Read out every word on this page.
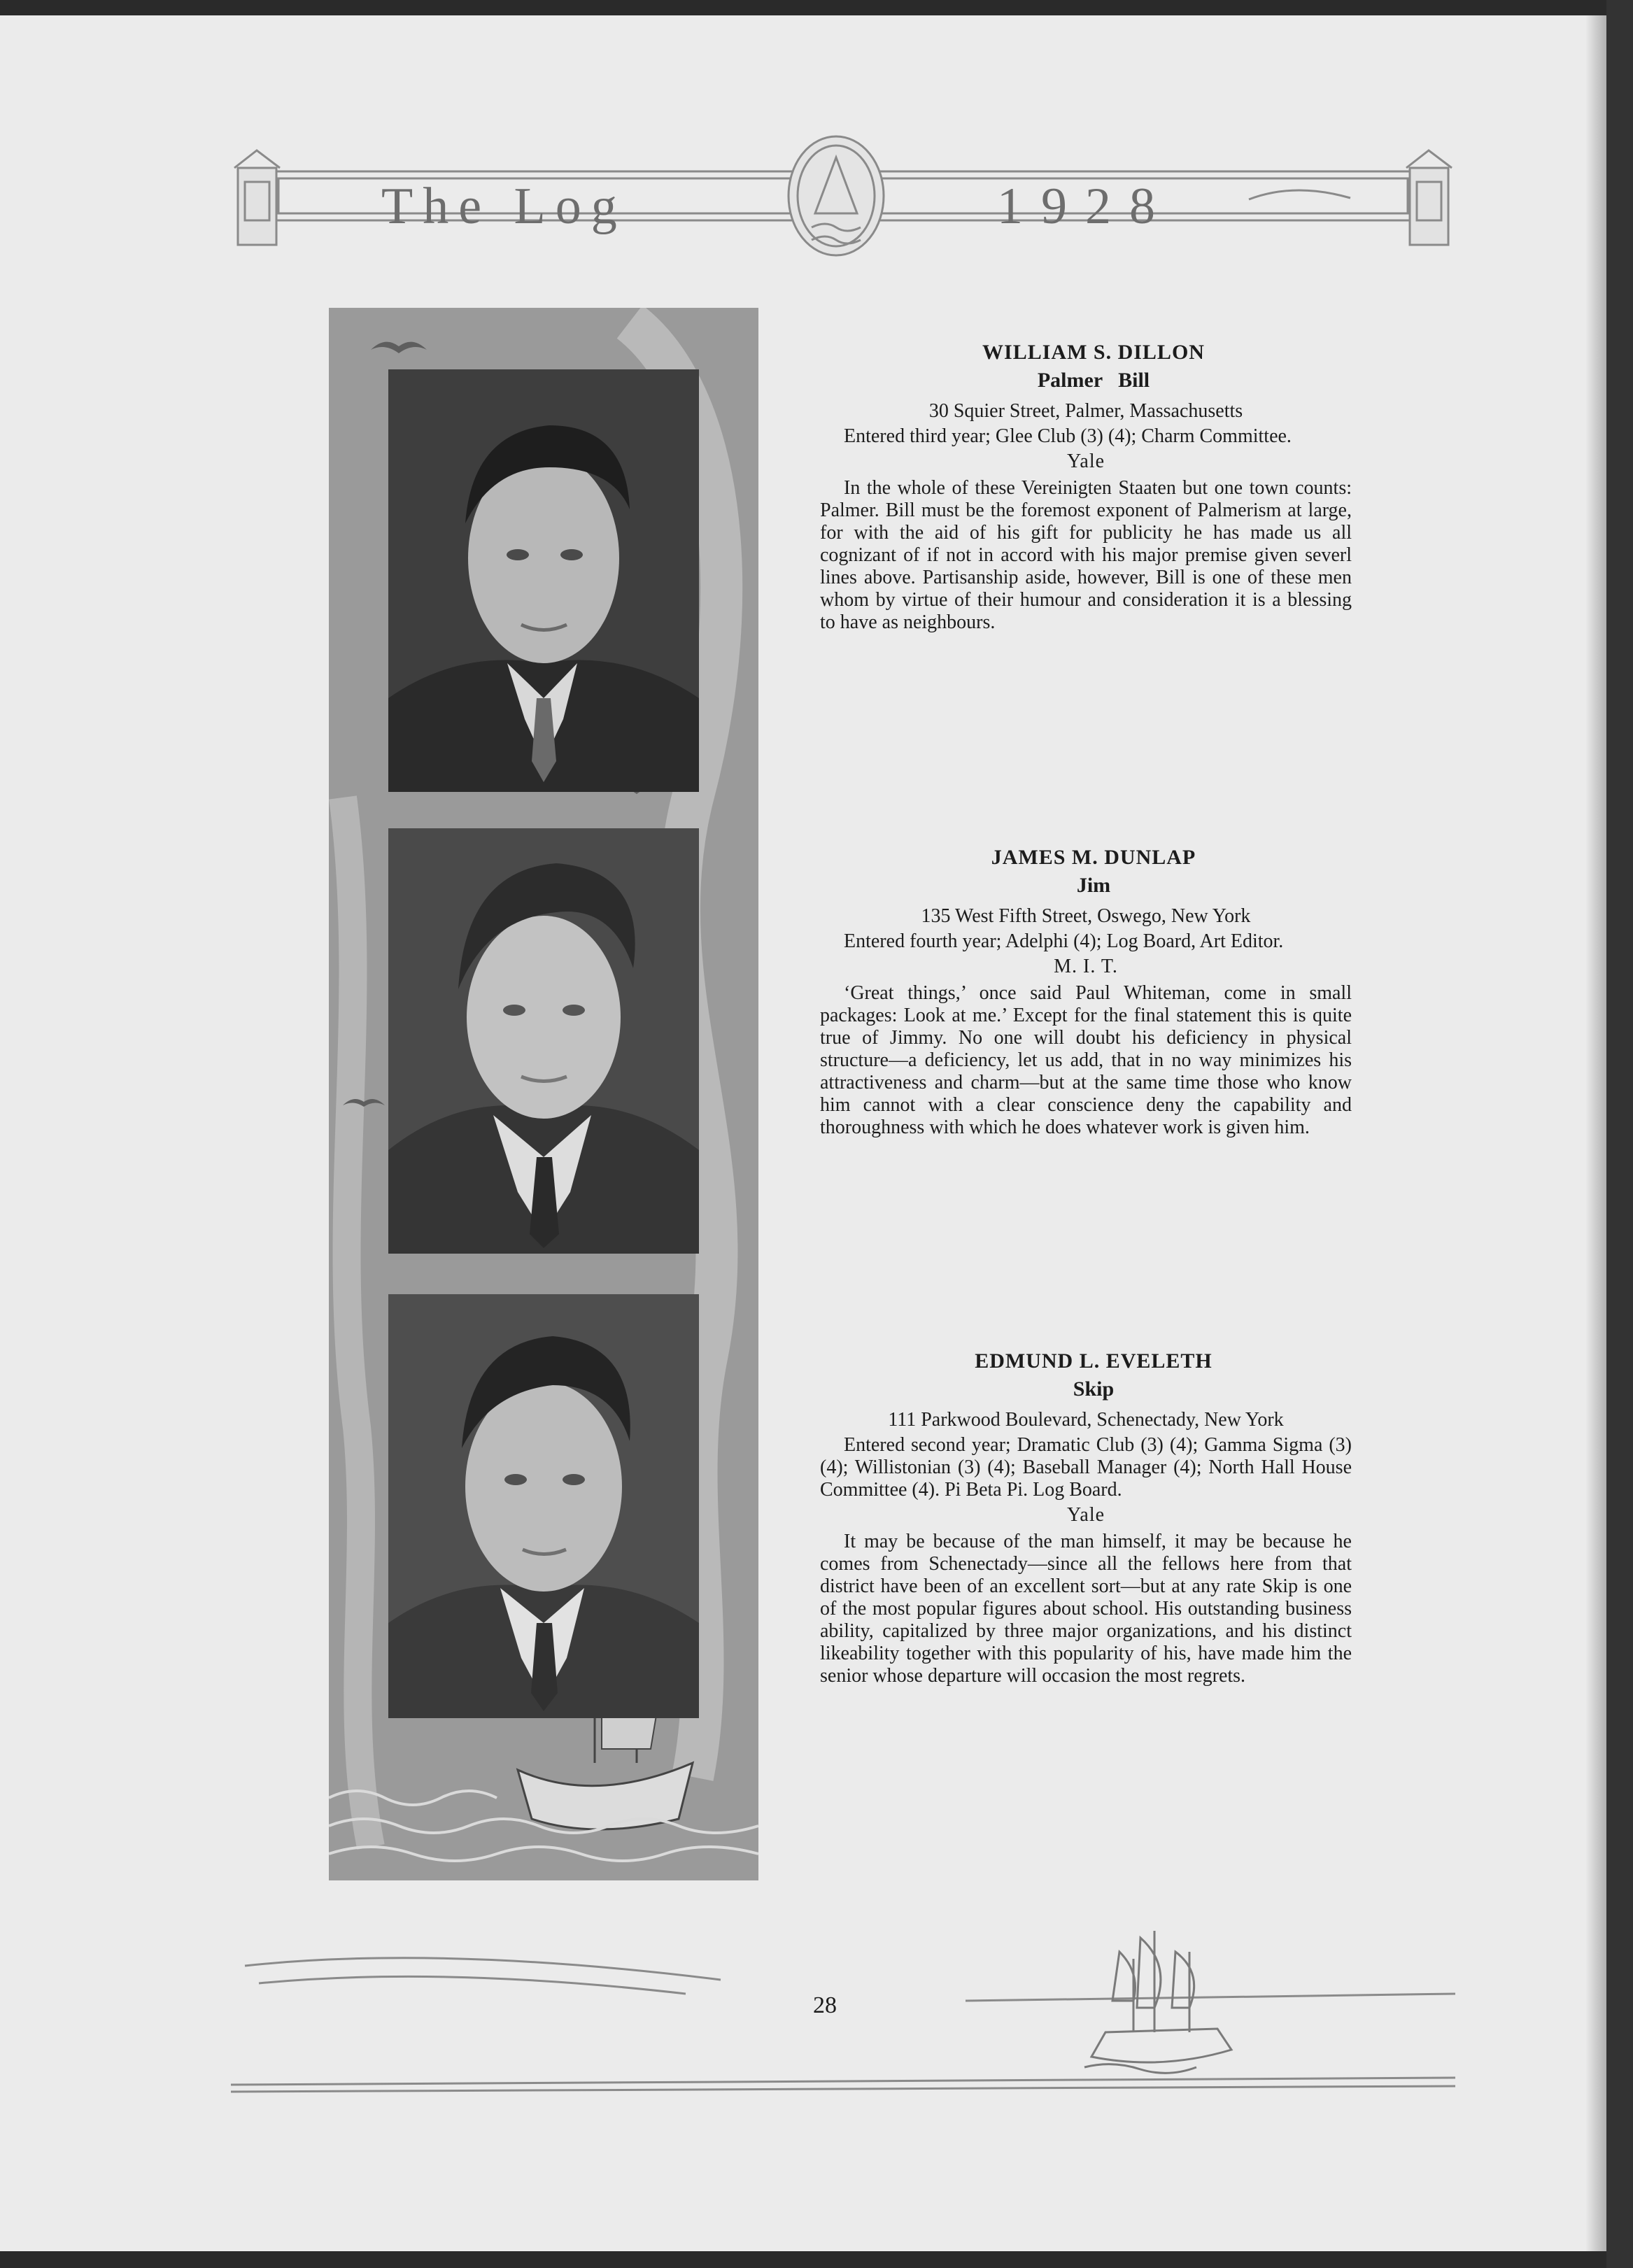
The Log	1928
WILLIAM S. DILLON
Palmer   Bill
30 Squier Street, Palmer, Massachusetts
Entered third year; Glee Club (3) (4); Charm Committee.
Yale
In the whole of these Vereinigten Staaten but one town counts: Palmer. Bill must be the foremost exponent of Palmerism at large, for with the aid of his gift for publicity he has made us all cognizant of if not in accord with his major premise given severl lines above. Partisanship aside, however, Bill is one of these men whom by virtue of their humour and consideration it is a blessing to have as neighbours.
JAMES M. DUNLAP
Jim
135 West Fifth Street, Oswego, New York
Entered fourth year; Adelphi (4); Log Board, Art Editor.
M. I. T.
‘Great things,’ once said Paul Whiteman, come in small packages: Look at me.’ Except for the final statement this is quite true of Jimmy. No one will doubt his deficiency in physical structure—a deficiency, let us add, that in no way minimizes his attractiveness and charm—but at the same time those who know him cannot with a clear conscience deny the capability and thoroughness with which he does whatever work is given him.
EDMUND L. EVELETH
Skip
111 Parkwood Boulevard, Schenectady, New York
Entered second year; Dramatic Club (3) (4); Gamma Sigma (3) (4); Willistonian (3) (4); Baseball Manager (4); North Hall House Committee (4). Pi Beta Pi. Log Board.
Yale
It may be because of the man himself, it may be because he comes from Schenectady—since all the fellows here from that district have been of an excellent sort—but at any rate Skip is one of the most popular figures about school. His outstanding business ability, capitalized by three major organizations, and his distinct likeability together with this popularity of his, have made him the senior whose departure will occasion the most regrets.
28
